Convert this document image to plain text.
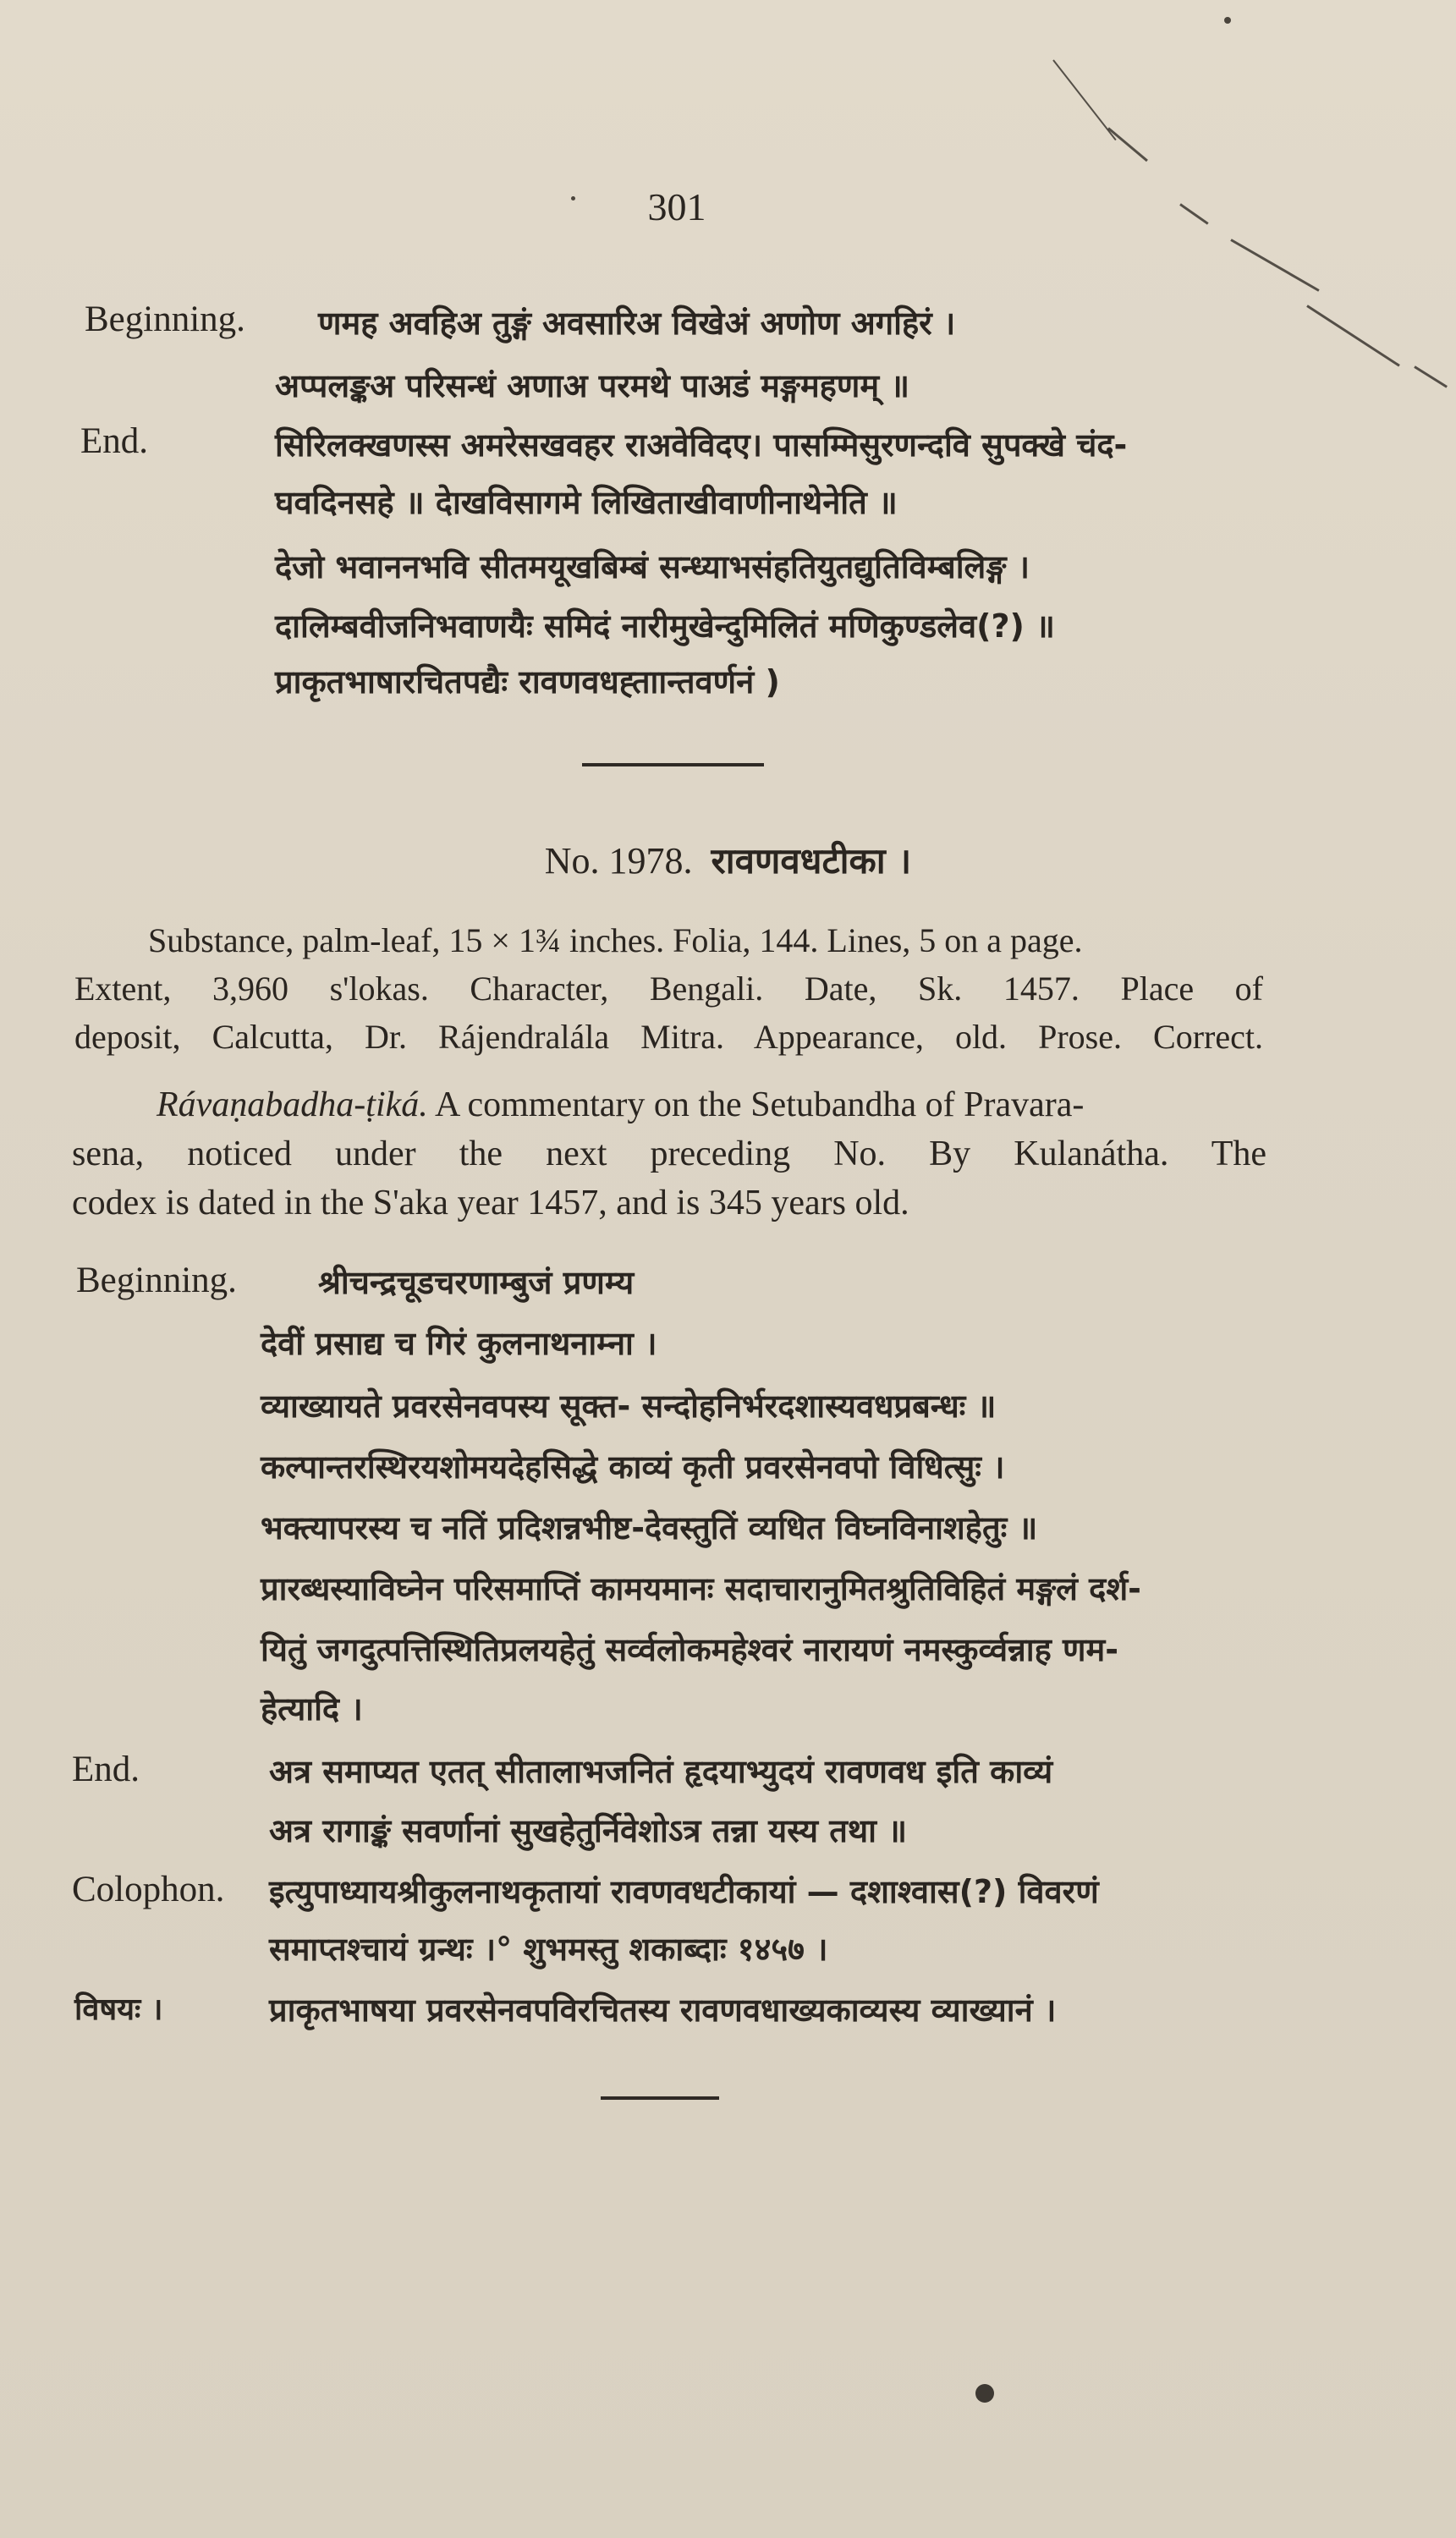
301
Beginning. णमह अवहिअ तुङ्गं अवसारिअ विखेअं अणोण अगहिरं ।
अप्पलङ्कअ परिसन्धं अणाअ परमथे पाअडं मङ्गमहणम् ॥
End.	सिरिलक्खणस्स अमरेसखवहर राअवेविदए। पासम्मिसुरणन्दवि सुपक्खे चंद-
घवदिनसहे ॥ देाखविसागमे लिखिताखीवाणीनाथेनेति ॥
देजो भवाननभवि सीतमयूखबिम्बं सन्ध्याभसंहतियुतद्युतिविम्बलिङ्ग ।
दालिम्बवीजनिभवाणयैः समिदं नारीमुखेन्दुमिलितं मणिकुण्डलेव(?) ॥
प्राकृतभाषारचितपद्यैः रावणवधह्ताान्तवर्णनं )
No. 1978. रावणवधटीका ।
Substance, palm-leaf, 15 × 1¾ inches. Folia, 144. Lines, 5 on a page.
Extent, 3,960 s'lokas. Character, Bengali. Date, Sk. 1457. Place of
deposit, Calcutta, Dr. Rájendralála Mitra. Appearance, old. Prose. Correct.
Rávaṇabadha-ṭiká. A commentary on the Setubandha of Pravara-
sena, noticed under the next preceding No. By Kulanátha. The
codex is dated in the S'aka year 1457, and is 345 years old.
Beginning.	श्रीचन्द्रचूडचरणाम्बुजं प्रणम्य
देवीं प्रसाद्य च गिरं कुलनाथनाम्ना ।
व्याख्यायते प्रवरसेनवपस्य सूक्त- सन्दोहनिर्भरदशास्यवधप्रबन्धः ॥
कल्पान्तरस्थिरयशोमयदेहसिद्धे काव्यं कृती प्रवरसेनवपो विधित्सुः ।
भक्त्यापरस्य च नतिं प्रदिशन्नभीष्ट-देवस्तुतिं व्यधित विघ्नविनाशहेतुः ॥
प्रारब्धस्याविघ्नेन परिसमाप्तिं कामयमानः सदाचारानुमितश्रुतिविहितं मङ्गलं दर्श-
यितुं जगदुत्पत्तिस्थितिप्रलयहेतुं सर्व्वलोकमहेश्वरं नारायणं नमस्कुर्व्वन्नाह णम-
हेत्यादि ।
End.	अत्र समाप्यत एतत् सीतालाभजनितं हृदयाभ्युदयं रावणवध इति काव्यं
अत्र रागाङ्कं सवर्णानां सुखहेतुर्निवेशोऽत्र तन्ना यस्य तथा ॥
Colophon. इत्युपाध्यायश्रीकुलनाथकृतायां रावणवधटीकायां — दशाश्वास(?) विवरणं
समाप्तश्चायं ग्रन्थः ।° शुभमस्तु शकाब्दाः १४५७ ।
विषयः ।	प्राकृतभाषया प्रवरसेनवपविरचितस्य रावणवधाख्यकाव्यस्य व्याख्यानं ।
